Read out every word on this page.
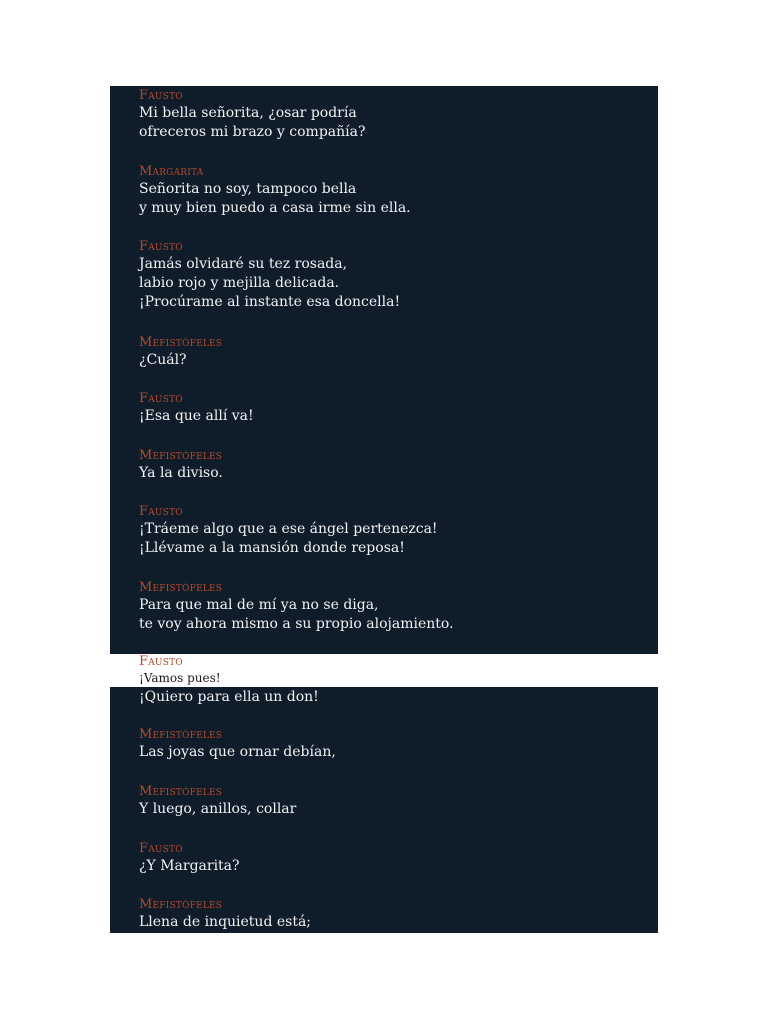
Fausto
Mi bella señorita, ¿osar podría
ofreceros mi brazo y compañía?
Margarita
Señorita no soy, tampoco bella
y muy bien puedo a casa irme sin ella.
Fausto
Jamás olvidaré su tez rosada,
labio rojo y mejilla delicada.
¡Procúrame al instante esa doncella!
Mefistófeles
¿Cuál?
Fausto
¡Esa que allí va!
Mefistófeles
Ya la diviso.
Fausto
¡Tráeme algo que a ese ángel pertenezca!
¡Llévame a la mansión donde reposa!
Mefistófeles
Para que mal de mí ya no se diga,
te voy ahora mismo a su propio alojamiento.
Fausto
¡Vamos pues!
¡Quiero para ella un don!
Mefistófeles
Las joyas que ornar debían,
Mefistófeles
Y luego, anillos, collar
Fausto
¿Y Margarita?
Mefistófeles
Llena de inquietud está;
